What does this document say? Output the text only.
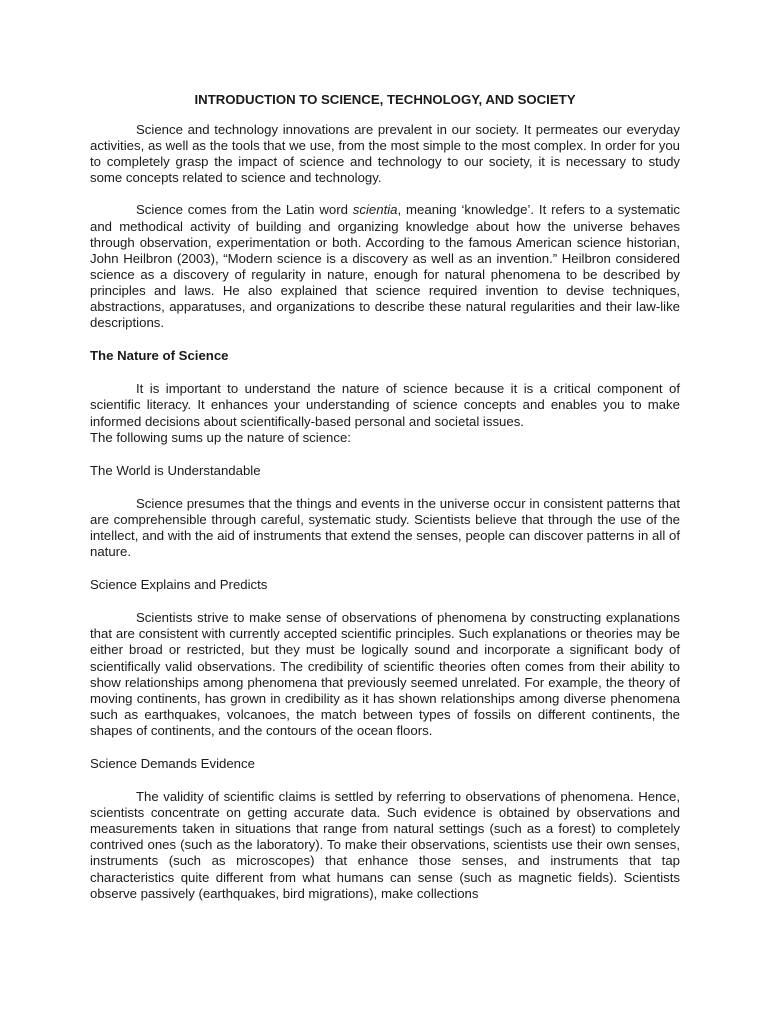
INTRODUCTION TO SCIENCE, TECHNOLOGY, AND SOCIETY

Science and technology innovations are prevalent in our society. It permeates our everyday activities, as well as the tools that we use, from the most simple to the most complex. In order for you to completely grasp the impact of science and technology to our society, it is necessary to study some concepts related to science and technology.

Science comes from the Latin word scientia, meaning ‘knowledge’. It refers to a systematic and methodical activity of building and organizing knowledge about how the universe behaves through observation, experimentation or both. According to the famous American science historian, John Heilbron (2003), “Modern science is a discovery as well as an invention.” Heilbron considered science as a discovery of regularity in nature, enough for natural phenomena to be described by principles and laws. He also explained that science required invention to devise techniques, abstractions, apparatuses, and organizations to describe these natural regularities and their law-like descriptions.

The Nature of Science

It is important to understand the nature of science because it is a critical component of scientific literacy. It enhances your understanding of science concepts and enables you to make informed decisions about scientifically-based personal and societal issues.

The following sums up the nature of science:

The World is Understandable

Science presumes that the things and events in the universe occur in consistent patterns that are comprehensible through careful, systematic study. Scientists believe that through the use of the intellect, and with the aid of instruments that extend the senses, people can discover patterns in all of nature.

Science Explains and Predicts

Scientists strive to make sense of observations of phenomena by constructing explanations that are consistent with currently accepted scientific principles. Such explanations or theories may be either broad or restricted, but they must be logically sound and incorporate a significant body of scientifically valid observations. The credibility of scientific theories often comes from their ability to show relationships among phenomena that previously seemed unrelated. For example, the theory of moving continents, has grown in credibility as it has shown relationships among diverse phenomena such as earthquakes, volcanoes, the match between types of fossils on different continents, the shapes of continents, and the contours of the ocean floors.

Science Demands Evidence

The validity of scientific claims is settled by referring to observations of phenomena. Hence, scientists concentrate on getting accurate data. Such evidence is obtained by observations and measurements taken in situations that range from natural settings (such as a forest) to completely contrived ones (such as the laboratory). To make their observations, scientists use their own senses, instruments (such as microscopes) that enhance those senses, and instruments that tap characteristics quite different from what humans can sense (such as magnetic fields). Scientists observe passively (earthquakes, bird migrations), make collections
